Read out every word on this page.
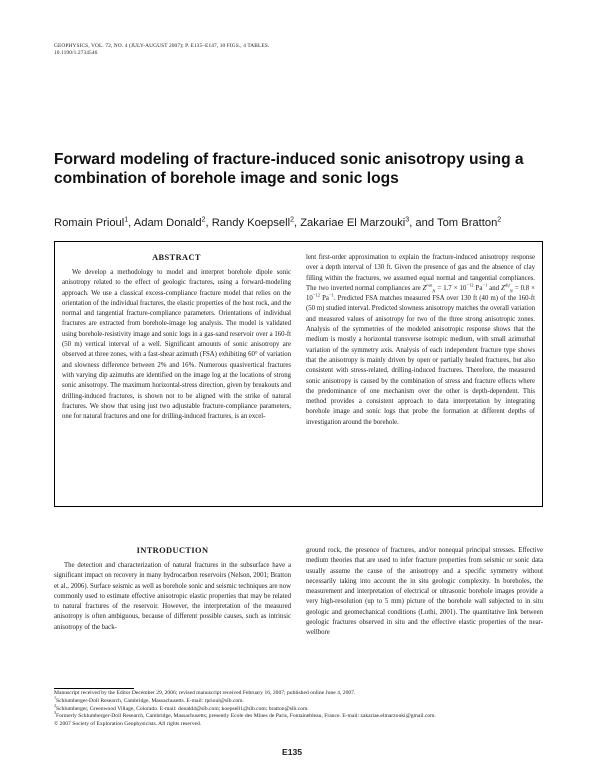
GEOPHYSICS, VOL. 72, NO. 4 (JULY-AUGUST 2007); P. E135–E147, 10 FIGS., 4 TABLES.
10.1190/1.2734546
Forward modeling of fracture-induced sonic anisotropy using a combination of borehole image and sonic logs
Romain Prioul$^1$, Adam Donald$^2$, Randy Koepsell$^2$, Zakariae El Marzouki$^3$, and Tom Bratton$^2$
ABSTRACT

We develop a methodology to model and interpret borehole dipole sonic anisotropy related to the effect of geologic fractures, using a forward-modeling approach. We use a classical excess-compliance fracture model that relies on the orientation of the individual fractures, the elastic properties of the host rock, and the normal and tangential fracture-compliance parameters. Orientations of individual fractures are extracted from borehole-image log analysis. The model is validated using borehole-resistivity image and sonic logs in a gas-sand reservoir over a 160-ft (50 m) vertical interval of a well. Significant amounts of sonic anisotropy are observed at three zones, with a fast-shear azimuth (FSA) exhibiting 60° of variation and slowness difference between 2% and 16%. Numerous quasivertical fractures with varying dip azimuths are identified on the image log at the locations of strong sonic anisotropy. The maximum horizontal-stress direction, given by breakouts and drilling-induced fractures, is shown not to be aligned with the strike of natural fractures. We show that using just two adjustable fracture-compliance parameters, one for natural fractures and one for drilling-induced fractures, is an excel-

lent first-order approximation to explain the fracture-induced anisotropy response over a depth interval of 130 ft. Given the presence of gas and the absence of clay filling within the fractures, we assumed equal normal and tangential compliances. The two inverted normal compliances are $Z^{nat}_N = 1.7 \times 10^{-12}$ $Pa^{-1}$ and $Z^{dif}_N = 0.8 \times 10^{-12}$ $Pa^{-1}$. Predicted FSA matches measured FSA over 130 ft (40 m) of the 160-ft (50 m) studied interval. Predicted slowness anisotropy matches the overall variation and measured values of anisotropy for two of the three strong anisotropic zones. Analysis of the symmetries of the modeled anisotropic response shows that the medium is mostly a horizontal transverse isotropic medium, with small azimuthal variation of the symmetry axis. Analysis of each independent fracture type shows that the anisotropy is mainly driven by open or partially healed fractures, but also consistent with stress-related, drilling-induced fractures. Therefore, the measured sonic anisotropy is caused by the combination of stress and fracture effects where the predominance of one mechanism over the other is depth-dependent. This method provides a consistent approach to data interpretation by integrating borehole image and sonic logs that probe the formation at different depths of investigation around the borehole.

INTRODUCTION

The detection and characterization of natural fractures in the subsurface have a significant impact on recovery in many hydrocarbon reservoirs (Nelson, 2001; Bratton et al., 2006). Surface seismic as well as borehole sonic and seismic techniques are now commonly used to estimate effective anisotropic elastic properties that may be related to natural fractures of the reservoir. However, the interpretation of the measured anisotropy is often ambiguous, because of different possible causes, such as intrinsic anisotropy of the back-

ground rock, the presence of fractures, and/or nonequal principal stresses. Effective medium theories that are used to infer fracture properties from seismic or sonic data usually assume the cause of the anisotropy and a specific symmetry without necessarily taking into account the in situ geologic complexity. In boreholes, the measurement and interpretation of electrical or ultrasonic borehole images provide a very high-resolution (up to 5 mm) picture of the borehole wall subjected to in situ geologic and geomechanical conditions (Luthi, 2001). The quantitative link between geologic fractures observed in situ and the effective elastic properties of the near-wellbore

Manuscript received by the Editor December 29, 2006; revised manuscript received February 16, 2007; published online June 4, 2007.
$^1$Schlumberger-Doll Research, Cambridge, Massachusetts. E-mail: rprioul@slb.com.
$^2$Schlumberger, Greenwood Village, Colorado. E-mail: donald4@slb.com; koepsell1@slb.com; bratton@slb.com.
$^3$Formerly Schlumberger-Doll Research, Cambridge, Massachusetts; presently Ecole des Mines de Paris, Fontainebleau, France. E-mail: zakariae.elmarzouki@gmail.com.
© 2007 Society of Exploration Geophysicists. All rights reserved.
E135
